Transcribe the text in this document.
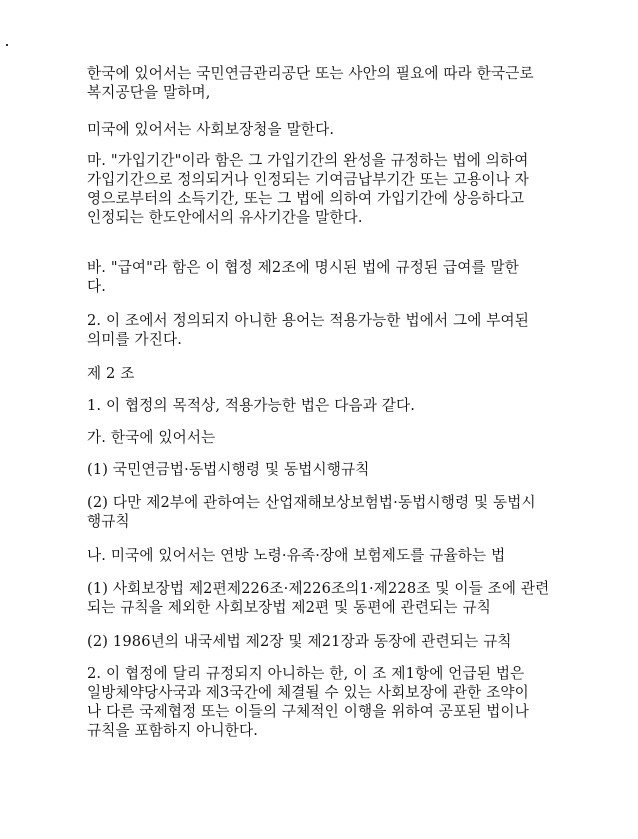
한국에 있어서는 국민연금관리공단 또는 사안의 필요에 따라 한국근로
복지공단을 말하며,

미국에 있어서는 사회보장청을 말한다.

마. "가입기간"이라 함은 그 가입기간의 완성을 규정하는 법에 의하여
가입기간으로 정의되거나 인정되는 기여금납부기간 또는 고용이나 자
영으로부터의 소득기간, 또는 그 법에 의하여 가입기간에 상응하다고
인정되는 한도안에서의 유사기간을 말한다.

바. "급여"라 함은 이 협정 제2조에 명시된 법에 규정된 급여를 말한
다.

2. 이 조에서 정의되지 아니한 용어는 적용가능한 법에서 그에 부여된
의미를 가진다.

제 2 조

1. 이 협정의 목적상, 적용가능한 법은 다음과 같다.

가. 한국에 있어서는

(1) 국민연금법·동법시행령 및 동법시행규칙

(2) 다만 제2부에 관하여는 산업재해보상보험법·동법시행령 및 동법시
행규칙

나. 미국에 있어서는 연방 노령·유족·장애 보험제도를 규율하는 법

(1) 사회보장법 제2편제226조·제226조의1·제228조 및 이들 조에 관련
되는 규칙을 제외한 사회보장법 제2편 및 동편에 관련되는 규칙

(2) 1986년의 내국세법 제2장 및 제21장과 동장에 관련되는 규칙

2. 이 협정에 달리 규정되지 아니하는 한, 이 조 제1항에 언급된 법은
일방체약당사국과 제3국간에 체결될 수 있는 사회보장에 관한 조약이
나 다른 국제협정 또는 이들의 구체적인 이행을 위하여 공포된 법이나
규칙을 포함하지 아니한다.
